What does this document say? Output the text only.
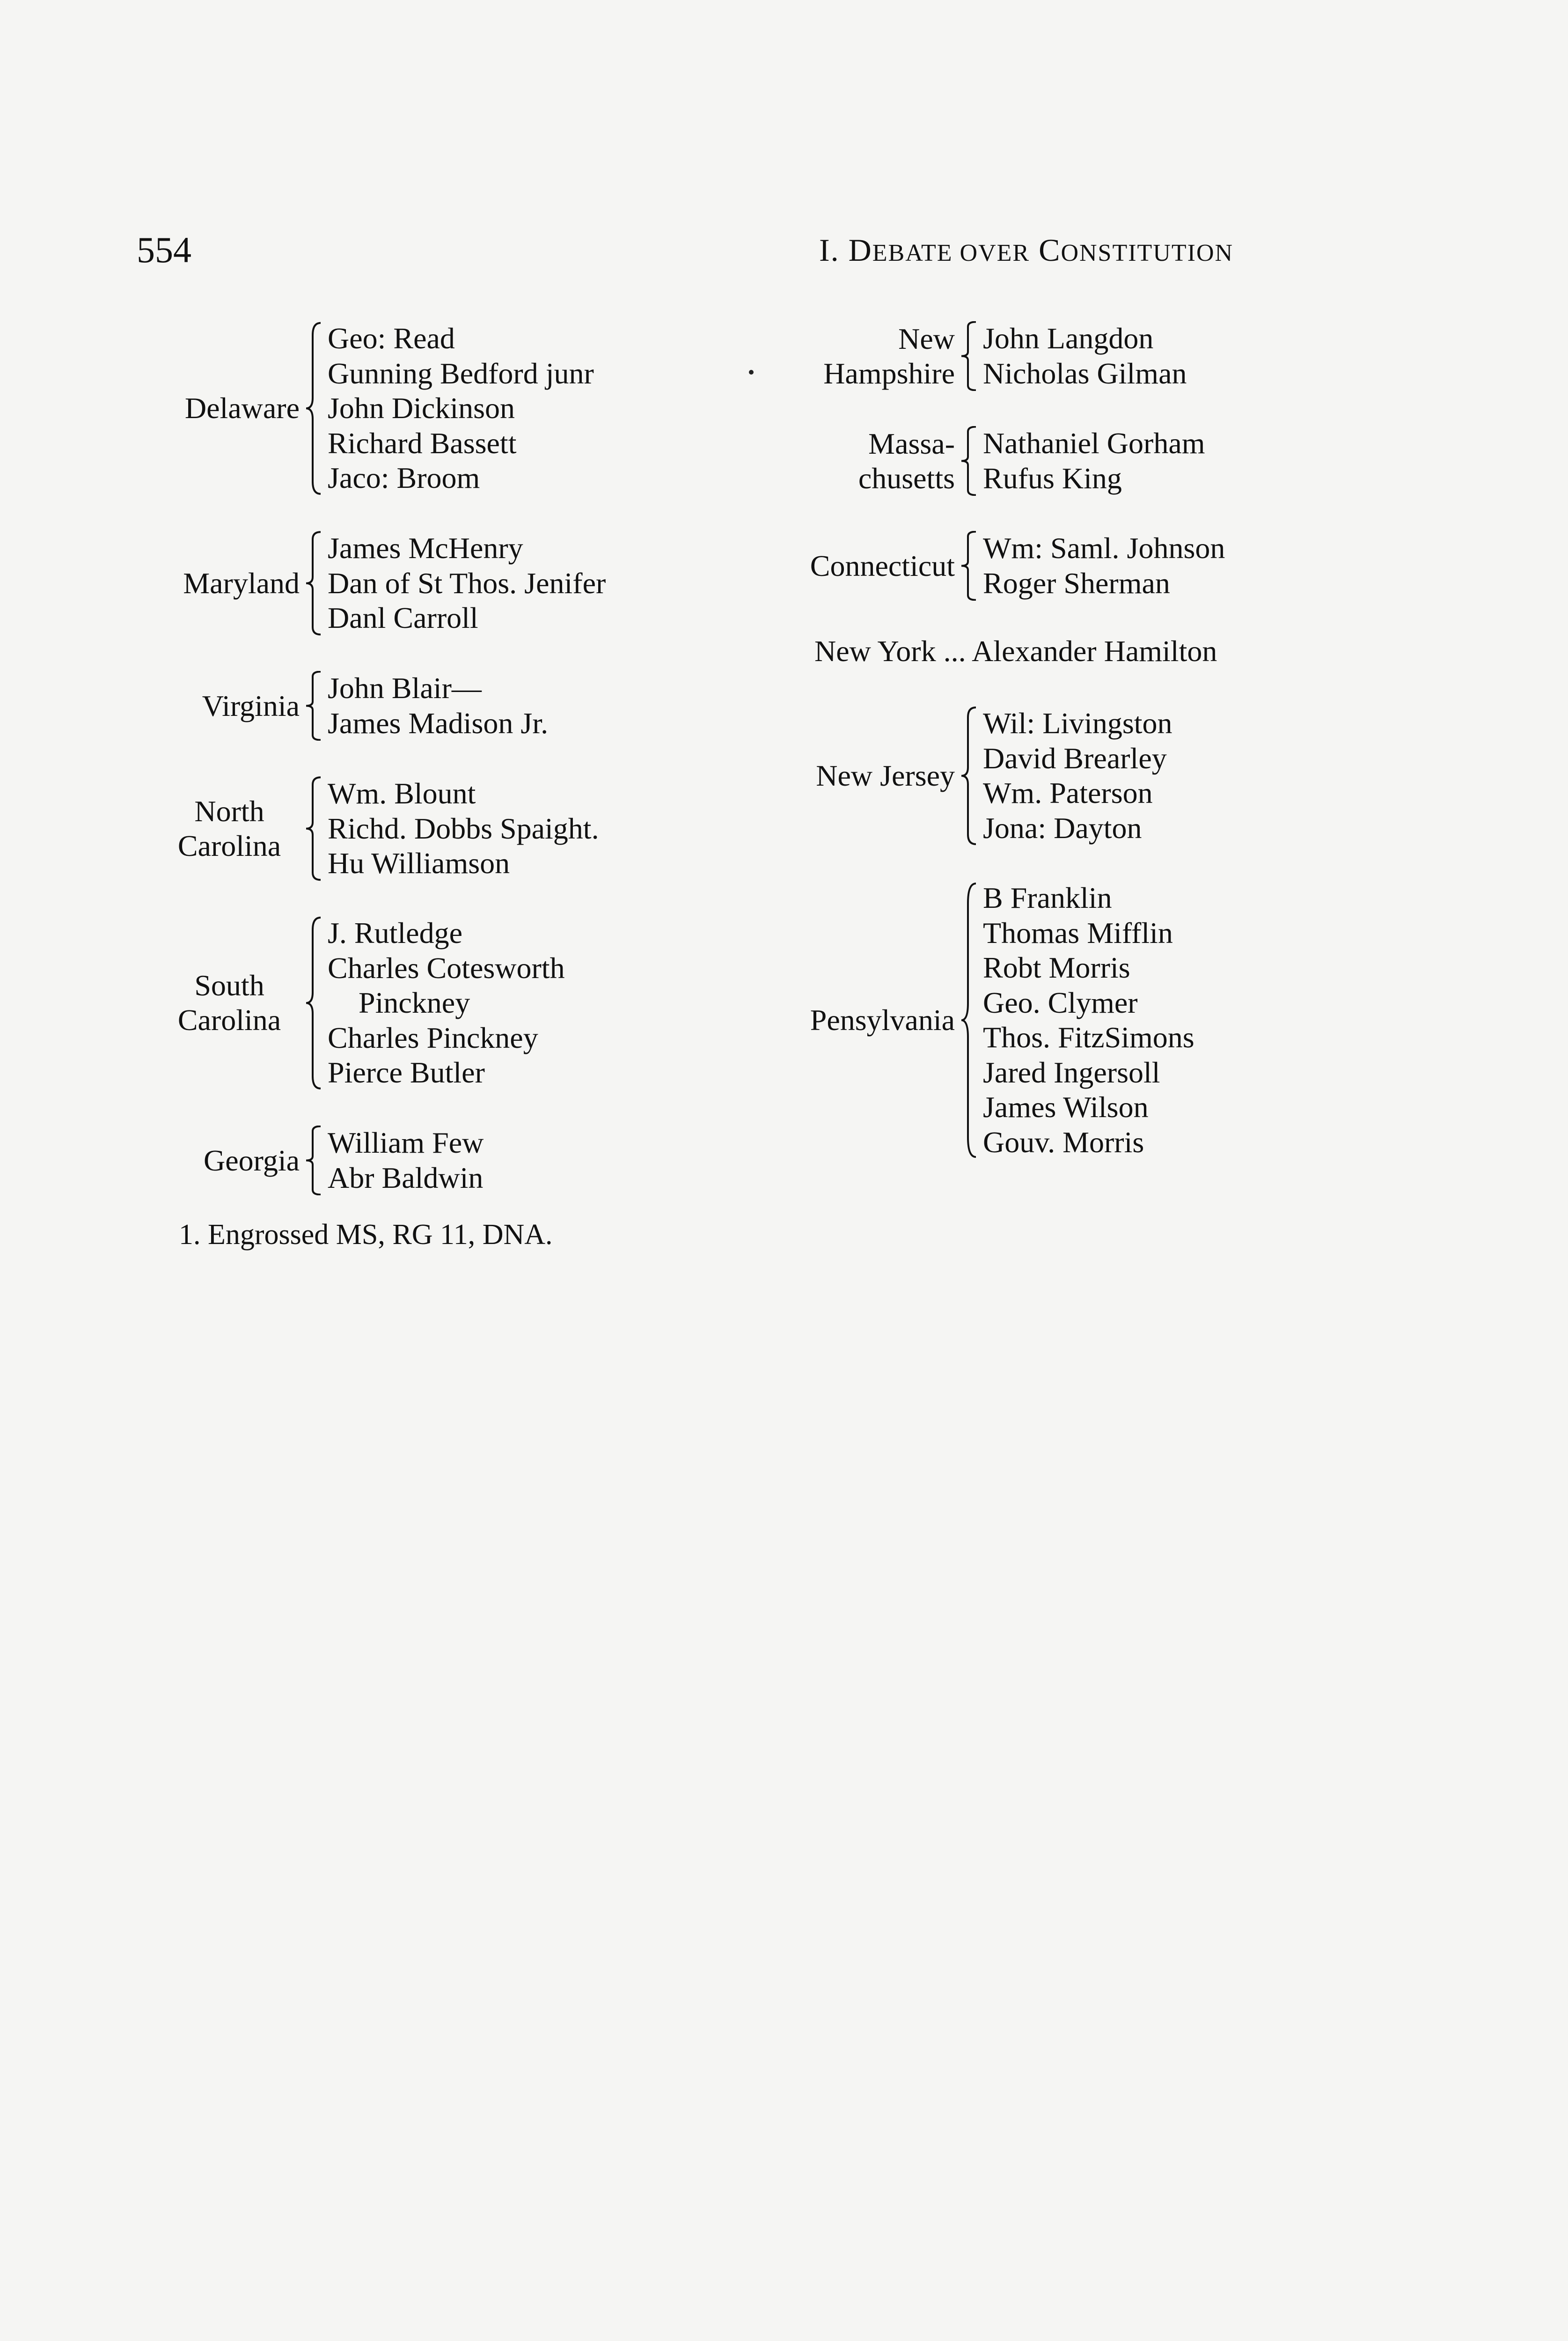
554	I. DEBATE OVER CONSTITUTION
Delaware
Geo: Read
Gunning Bedford junr
John Dickinson
Richard Bassett
Jaco: Broom
Maryland
James McHenry
Dan of St Thos. Jenifer
Danl Carroll
Virginia
John Blair—
James Madison Jr.
North
Carolina
Wm. Blount
Richd. Dobbs Spaight.
Hu Williamson
South
Carolina
J. Rutledge
Charles Cotesworth
Pinckney
Charles Pinckney
Pierce Butler
Georgia
William Few
Abr Baldwin
New
Hampshire
John Langdon
Nicholas Gilman
Massa-
chusetts
Nathaniel Gorham
Rufus King
Connecticut
Wm: Saml. Johnson
Roger Sherman
New York ... Alexander Hamilton
New Jersey
Wil: Livingston
David Brearley
Wm. Paterson
Jona: Dayton
Pensylvania
B Franklin
Thomas Mifflin
Robt Morris
Geo. Clymer
Thos. FitzSimons
Jared Ingersoll
James Wilson
Gouv. Morris
1. Engrossed MS, RG 11, DNA.
